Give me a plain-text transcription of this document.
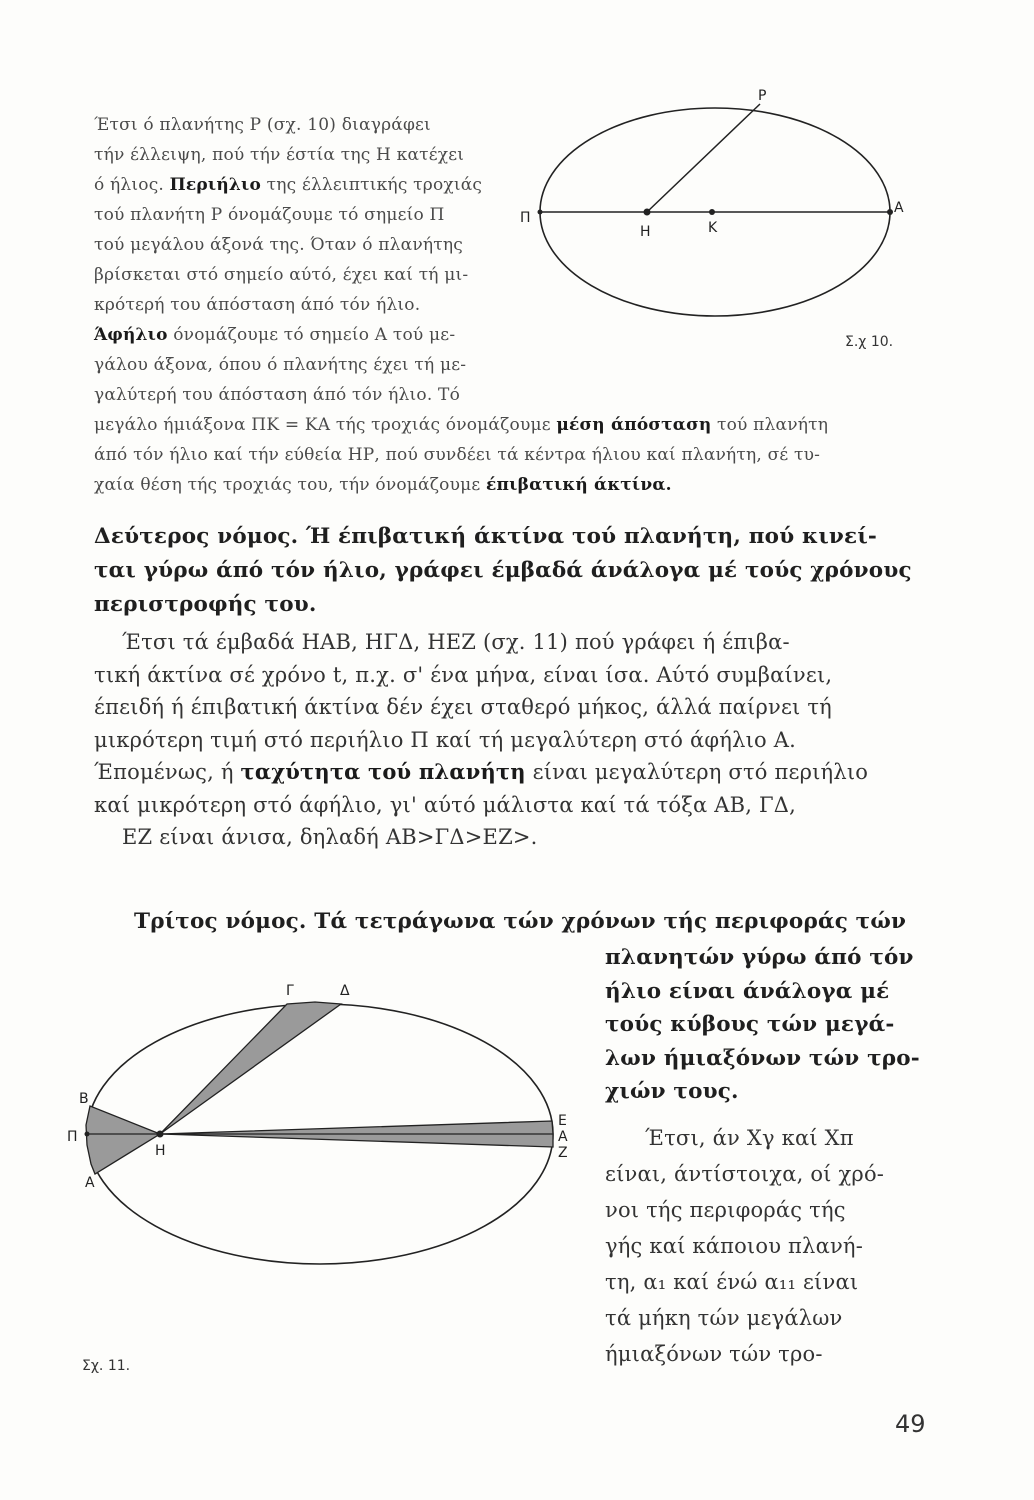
Ρ
Π
Η	Κ
Α
Σ.χ 10.

Έτσι ό πλανήτης Ρ (σχ. 10) διαγράφει

τήν έλλειψη, πού τήν έστία της Η κατέχει

ό ήλιος. Περιήλιο της έλλειπτικής τροχιάς

τού πλανήτη Ρ όνομάζουμε τό σημείο Π

τού μεγάλου άξονά της. Όταν ό πλανήτης

βρίσκεται στό σημείο αύτό, έχει καί τή μι-

κρότερή του άπόσταση άπό τόν ήλιο.

Άφήλιο όνομάζουμε τό σημείο Α τού με-

γάλου άξονα, όπου ό πλανήτης έχει τή με-

γαλύτερή του άπόσταση άπό τόν ήλιο. Τό

μεγάλο ήμιάξονα ΠΚ = ΚΑ τής τροχιάς όνομάζουμε μέση άπόσταση τού πλανήτη

άπό τόν ήλιο καί τήν εύθεία ΗΡ, πού συνδέει τά κέντρα ήλιου καί πλανήτη, σέ τυ-

χαία θέση τής τροχιάς του, τήν όνομάζουμε έπιβατική άκτίνα.

Δεύτερος νόμος. Ή έπιβατική άκτίνα τού πλανήτη, πού κινεί-

ται γύρω άπό τόν ήλιο, γράφει έμβαδά άνάλογα μέ τούς χρόνους

περιστροφής του.

Έτσι τά έμβαδά ΗΑΒ, ΗΓΔ, ΗΕΖ (σχ. 11) πού γράφει ή έπιβα-

τική άκτίνα σέ χρόνο t, π.χ. σ' ένα μήνα, είναι ίσα. Αύτό συμβαίνει,

έπειδή ή έπιβατική άκτίνα δέν έχει σταθερό μήκος, άλλά παίρνει τή

μικρότερη τιμή στό περιήλιο Π καί τή μεγαλύτερη στό άφήλιο Α.

Έπομένως, ή ταχύτητα τού πλανήτη είναι μεγαλύτερη στό περιήλιο

καί μικρότερη στό άφήλιο, γι' αύτό μάλιστα καί τά τόξα ΑΒ, ΓΔ,

ΕΖ είναι άνισα, δηλαδή ΑΒ>ΓΔ>ΕΖ>.

Τρίτος νόμος. Τά τετράγωνα τών χρόνων τής περιφοράς τών

πλανητών γύρω άπό τόν

ήλιο είναι άνάλογα μέ

τούς κύβους τών μεγά-

λων ήμιαξόνων τών τρο-

χιών τους.

Έτσι, άν Χγ καί Χπ

είναι, άντίστοιχα, οί χρό-

νοι τής περιφοράς τής

γής καί κάποιου πλανή-

τη, α₁ καί ένώ α₁₁ είναι

τά μήκη τών μεγάλων

ήμιαξόνων τών τρο-

Γ	Δ
Β
Π
Α
Η
Ε
Α
Ζ
Σχ. 11.
49
